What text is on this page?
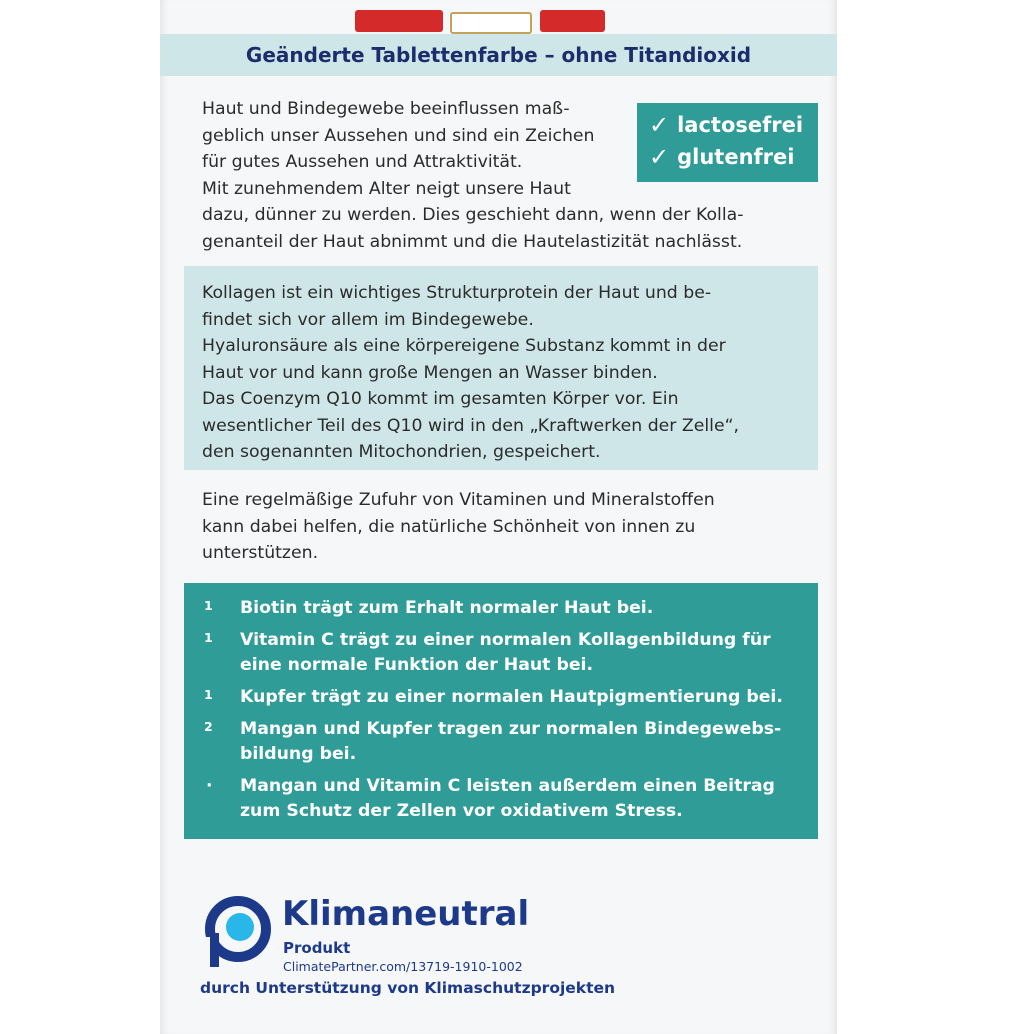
Geänderte Tablettenfarbe – ohne Titandioxid

Haut und Bindegewebe beeinflussen maß-

geblich unser Aussehen und sind ein Zeichen

für gutes Aussehen und Attraktivität.

Mit zunehmendem Alter neigt unsere Haut

dazu, dünner zu werden. Dies geschieht dann, wenn der Kolla-

genanteil der Haut abnimmt und die Hautelastizität nachlässt.

✓ lactosefrei
✓ glutenfrei

Kollagen ist ein wichtiges Strukturprotein der Haut und be-

findet sich vor allem im Bindegewebe.

Hyaluronsäure als eine körpereigene Substanz kommt in der

Haut vor und kann große Mengen an Wasser binden.

Das Coenzym Q10 kommt im gesamten Körper vor. Ein

wesentlicher Teil des Q10 wird in den „Kraftwerken der Zelle“,

den sogenannten Mitochondrien, gespeichert.

Eine regelmäßige Zufuhr von Vitaminen und Mineralstoffen
kann dabei helfen, die natürliche Schönheit von innen zu
unterstützen.
1 Biotin trägt zum Erhalt normaler Haut bei.
1 Vitamin C trägt zu einer normalen Kollagenbildung für
eine normale Funktion der Haut bei.
1 Kupfer trägt zu einer normalen Hautpigmentierung bei.
2 Mangan und Kupfer tragen zur normalen Bindegewebs-
bildung bei.
· Mangan und Vitamin C leisten außerdem einen Beitrag
zum Schutz der Zellen vor oxidativem Stress.
Klimaneutral
Produkt
ClimatePartner.com/13719-1910-1002
durch Unterstützung von Klimaschutzprojekten
